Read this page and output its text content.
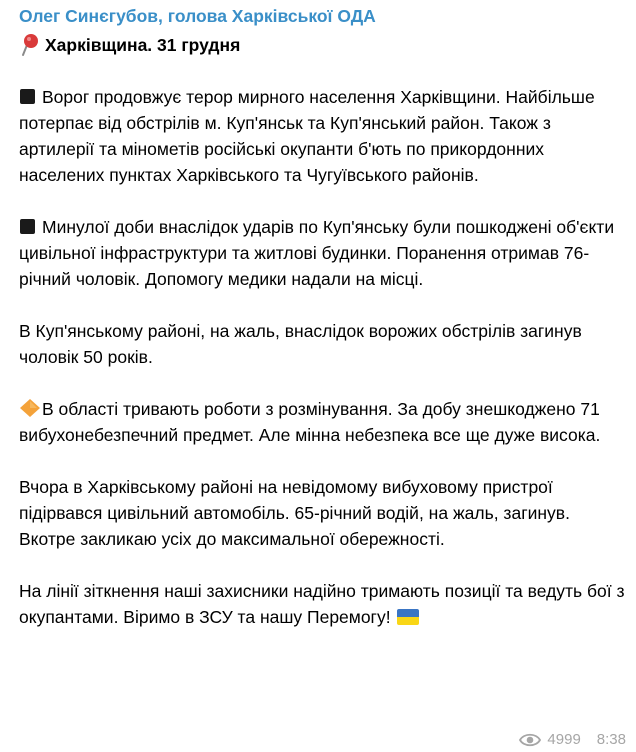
Олег Синєгубов, голова Харківської ОДА
Харківщина. 31 грудня

Ворог продовжує терор мирного населення Харківщини. Найбільше потерпає від обстрілів м. Куп'янськ та Куп'янський район. Також з артилерії та мінометів російські окупанти б'ють по прикордонних населених пунктах Харківського та Чугуївського районів.

Минулої доби внаслідок ударів по Куп'янську були пошкоджені об'єкти цивільної інфраструктури та житлові будинки. Поранення отримав 76-річний чоловік. Допомогу медики надали на місці.

В Куп'янському районі, на жаль, внаслідок ворожих обстрілів загинув чоловік 50 років.

В області тривають роботи з розмінування. За добу знешкоджено 71 вибухонебезпечний предмет. Але мінна небезпека все ще дуже висока.

Вчора в Харківському районі на невідомому вибуховому пристрої підірвався цивільний автомобіль. 65-річний водій, на жаль, загинув. Вкотре закликаю усіх до максимальної обережності.

На лінії зіткнення наші захисники надійно тримають позиції та ведуть бої з окупантами. Віримо в ЗСУ та нашу Перемогу!

4999 8:38
